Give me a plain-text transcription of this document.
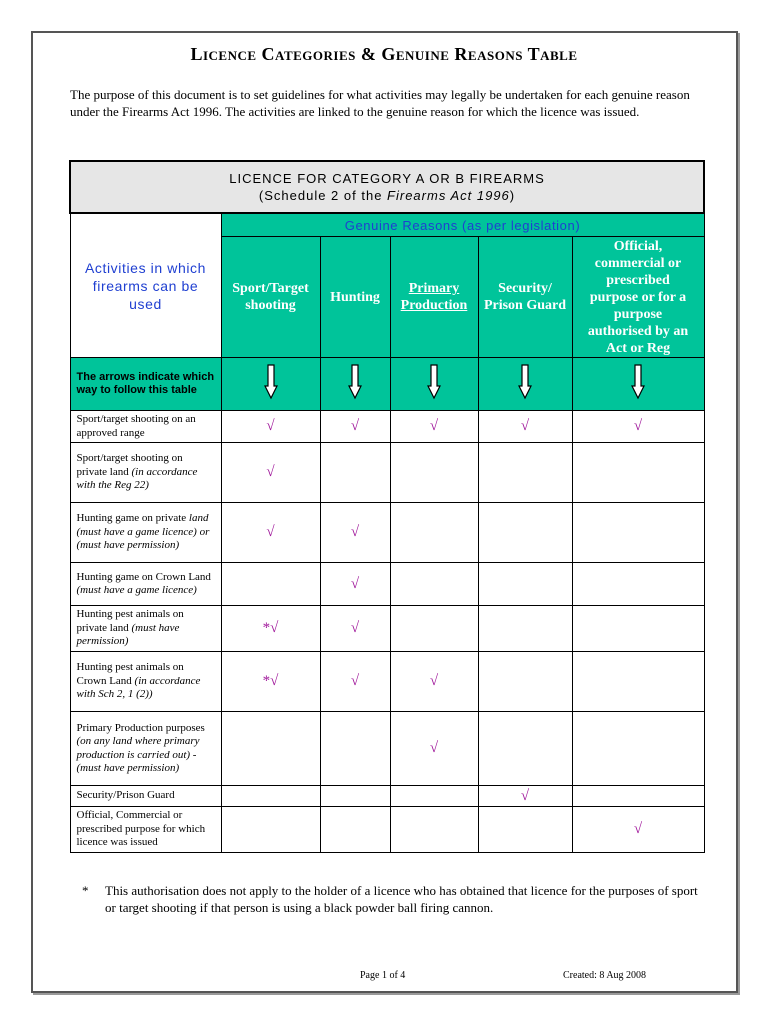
Licence Categories & Genuine Reasons Table
The purpose of this document is to set guidelines for what activities may legally be undertaken for each genuine reason under the Firearms Act 1996. The activities are linked to the genuine reason for which the licence was issued.
LICENCE FOR CATEGORY A OR B FIREARMS
(Schedule 2 of the Firearms Act 1996)					

Activities in which firearms can be used	Genuine Reasons (as per legislation)				
	Sport/Target shooting	Hunting	Primary Production	Security/ Prison Guard	Official, commercial or prescribed purpose or for a purpose authorised by an Act or Reg
The arrows indicate which way to follow this table					
Sport/target shooting on an approved range	√	√	√	√	√
Sport/target shooting on private land (in accordance with the Reg 22)	√				
Hunting game on private land (must have a game licence) or (must have permission)	√	√			
Hunting game on Crown Land (must have a game licence)		√			
Hunting pest animals on private land (must have permission)	*√	√			
Hunting pest animals on Crown Land (in accordance with Sch 2, 1 (2))	*√	√	√		
Primary Production purposes (on any land where primary production is carried out) - (must have permission)			√		
Security/Prison Guard				√	
Official, Commercial or prescribed purpose for which licence was issued					√
* This authorisation does not apply to the holder of a licence who has obtained that licence for the purposes of sport or target shooting if that person is using a black powder ball firing cannon.
Page 1 of 4	Created: 8 Aug 2008
